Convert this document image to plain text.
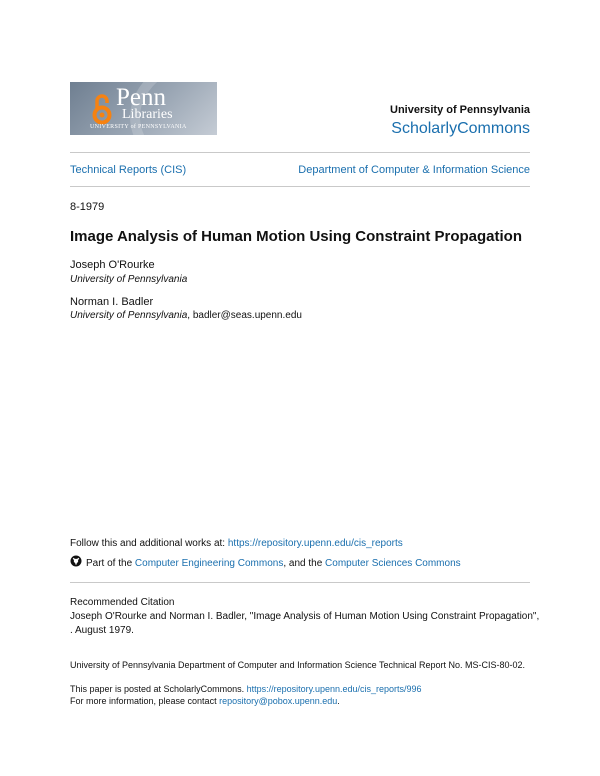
Penn
Libraries
UNIVERSITY of PENNSYLVANIA
University of Pennsylvania
ScholarlyCommons
Technical Reports (CIS)	Department of Computer & Information Science
8-1979
Image Analysis of Human Motion Using Constraint Propagation
Joseph O'Rourke
University of Pennsylvania
Norman I. Badler
University of Pennsylvania, badler@seas.upenn.edu
Follow this and additional works at: https://repository.upenn.edu/cis_reports
Part of the Computer Engineering Commons, and the Computer Sciences Commons
Recommended Citation
Joseph O'Rourke and Norman I. Badler, "Image Analysis of Human Motion Using Constraint Propagation",
. August 1979.
University of Pennsylvania Department of Computer and Information Science Technical Report No. MS-CIS-80-02.
This paper is posted at ScholarlyCommons. https://repository.upenn.edu/cis_reports/996
For more information, please contact repository@pobox.upenn.edu.
